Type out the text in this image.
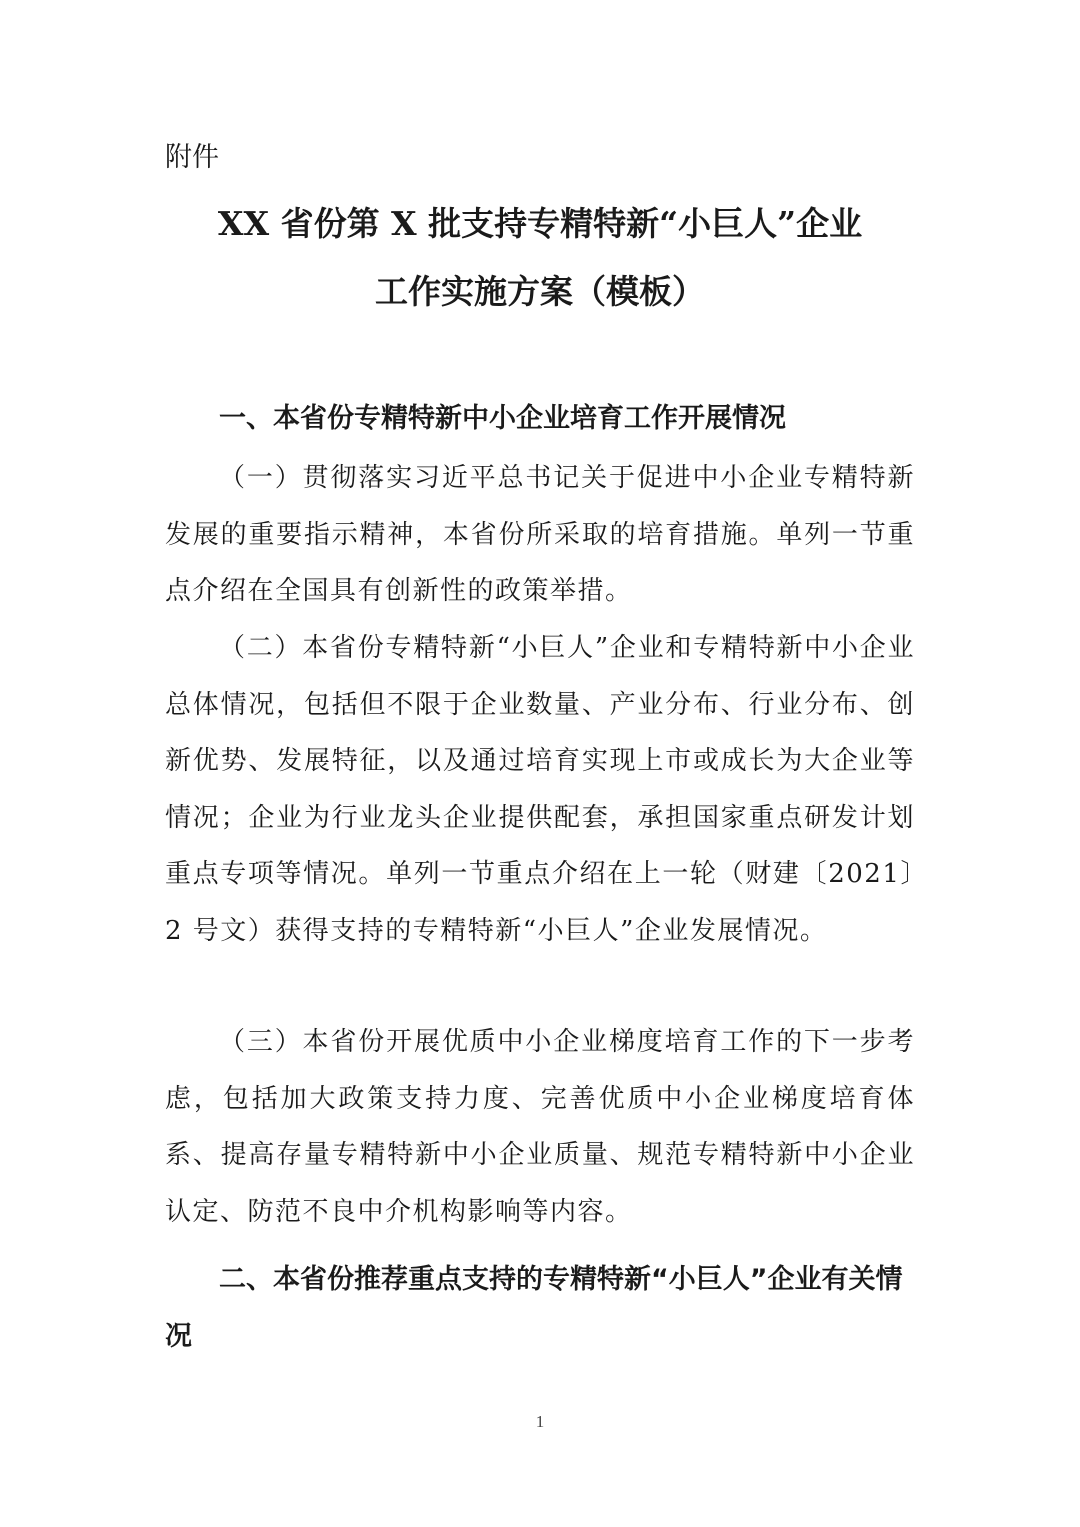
附件
XX 省份第 X 批支持专精特新“小巨人”企业
工作实施方案（模板）
一、本省份专精特新中小企业培育工作开展情况
（一）贯彻落实习近平总书记关于促进中小企业专精特新发展的重要指示精神，本省份所采取的培育措施。单列一节重点介绍在全国具有创新性的政策举措。
（二）本省份专精特新“小巨人”企业和专精特新中小企业总体情况，包括但不限于企业数量、产业分布、行业分布、创新优势、发展特征，以及通过培育实现上市或成长为大企业等情况；企业为行业龙头企业提供配套，承担国家重点研发计划重点专项等情况。单列一节重点介绍在上一轮（财建〔2021〕2 号文）获得支持的专精特新“小巨人”企业发展情况。
（三）本省份开展优质中小企业梯度培育工作的下一步考虑，包括加大政策支持力度、完善优质中小企业梯度培育体系、提高存量专精特新中小企业质量、规范专精特新中小企业认定、防范不良中介机构影响等内容。
二、本省份推荐重点支持的专精特新“小巨人”企业有关情况
1
